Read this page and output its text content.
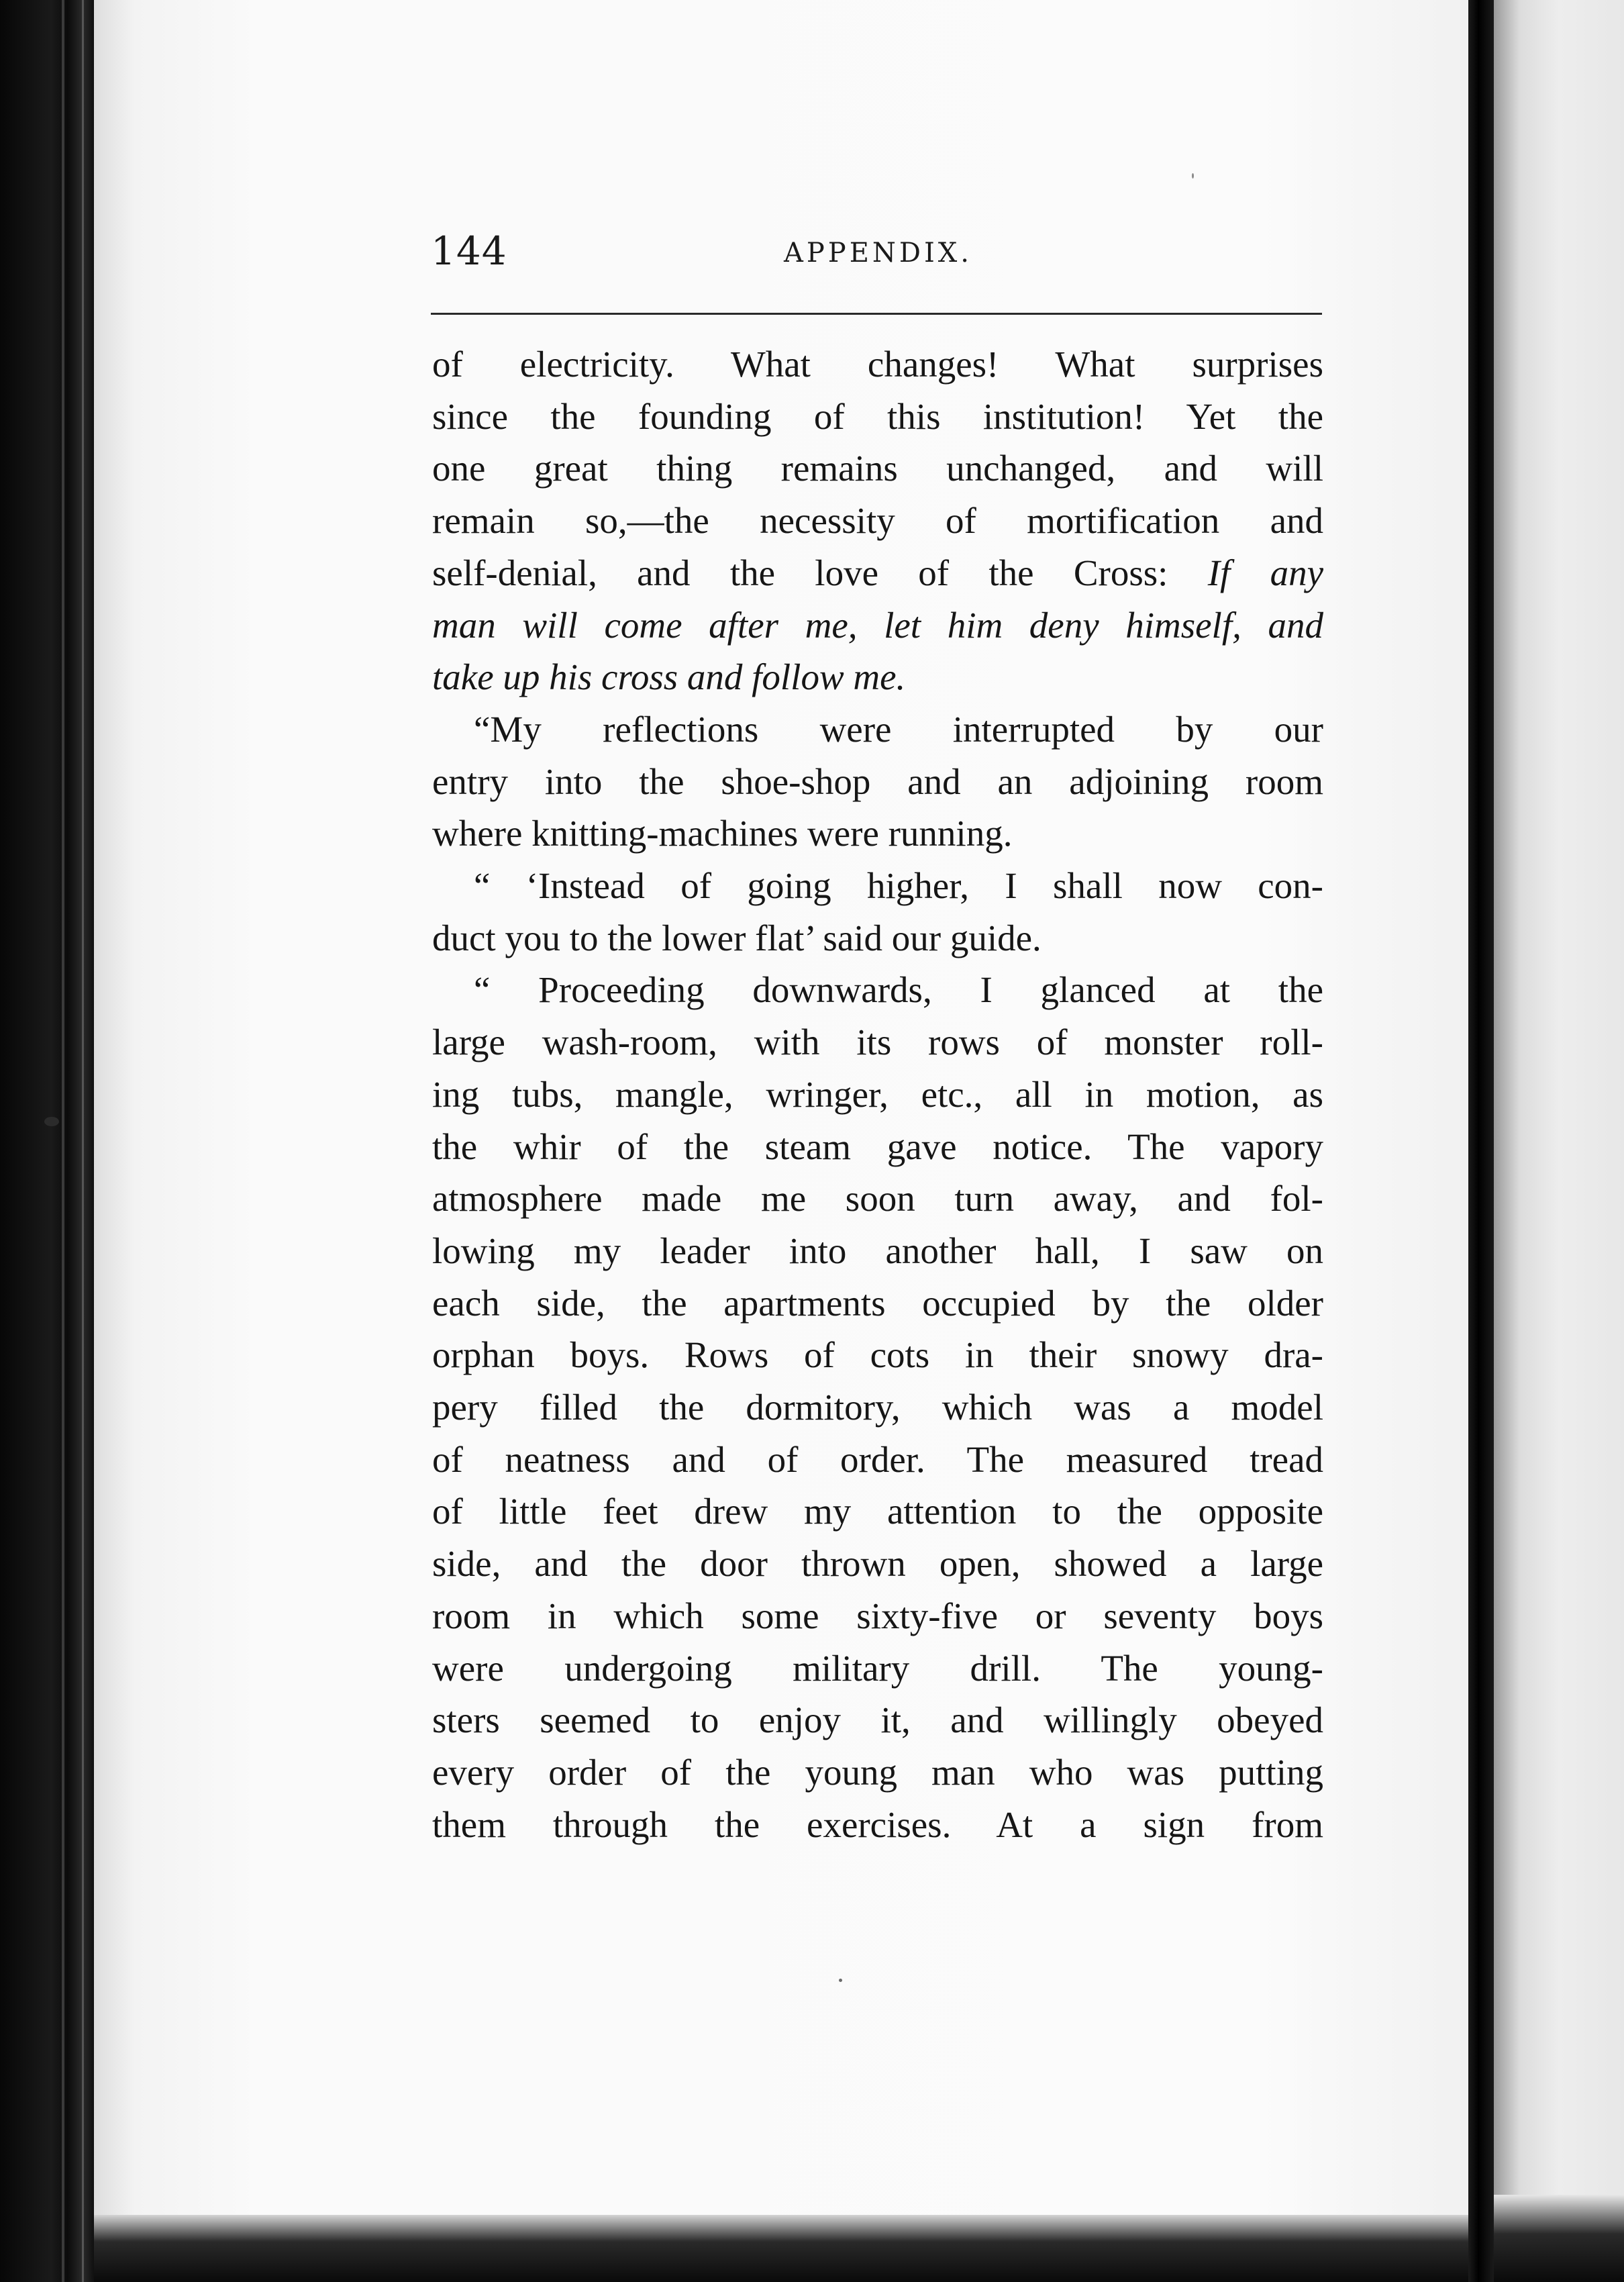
144	APPENDIX.
of electricity. What changes! What surprises
since the founding of this institution! Yet the
one great thing remains unchanged, and will
remain so,—the necessity of mortification and
self-denial, and the love of the Cross: If any
man will come after me, let him deny himself, and
take up his cross and follow me.
“My reflections were interrupted by our
entry into the shoe-shop and an adjoining room
where knitting-machines were running.
“ ‘Instead of going higher, I shall now con-
duct you to the lower flat’ said our guide.
“ Proceeding downwards, I glanced at the
large wash-room, with its rows of monster roll-
ing tubs, mangle, wringer, etc., all in motion, as
the whir of the steam gave notice. The vapory
atmosphere made me soon turn away, and fol-
lowing my leader into another hall, I saw on
each side, the apartments occupied by the older
orphan boys. Rows of cots in their snowy dra-
pery filled the dormitory, which was a model
of neatness and of order. The measured tread
of little feet drew my attention to the opposite
side, and the door thrown open, showed a large
room in which some sixty-five or seventy boys
were undergoing military drill. The young-
sters seemed to enjoy it, and willingly obeyed
every order of the young man who was putting
them through the exercises. At a sign from
